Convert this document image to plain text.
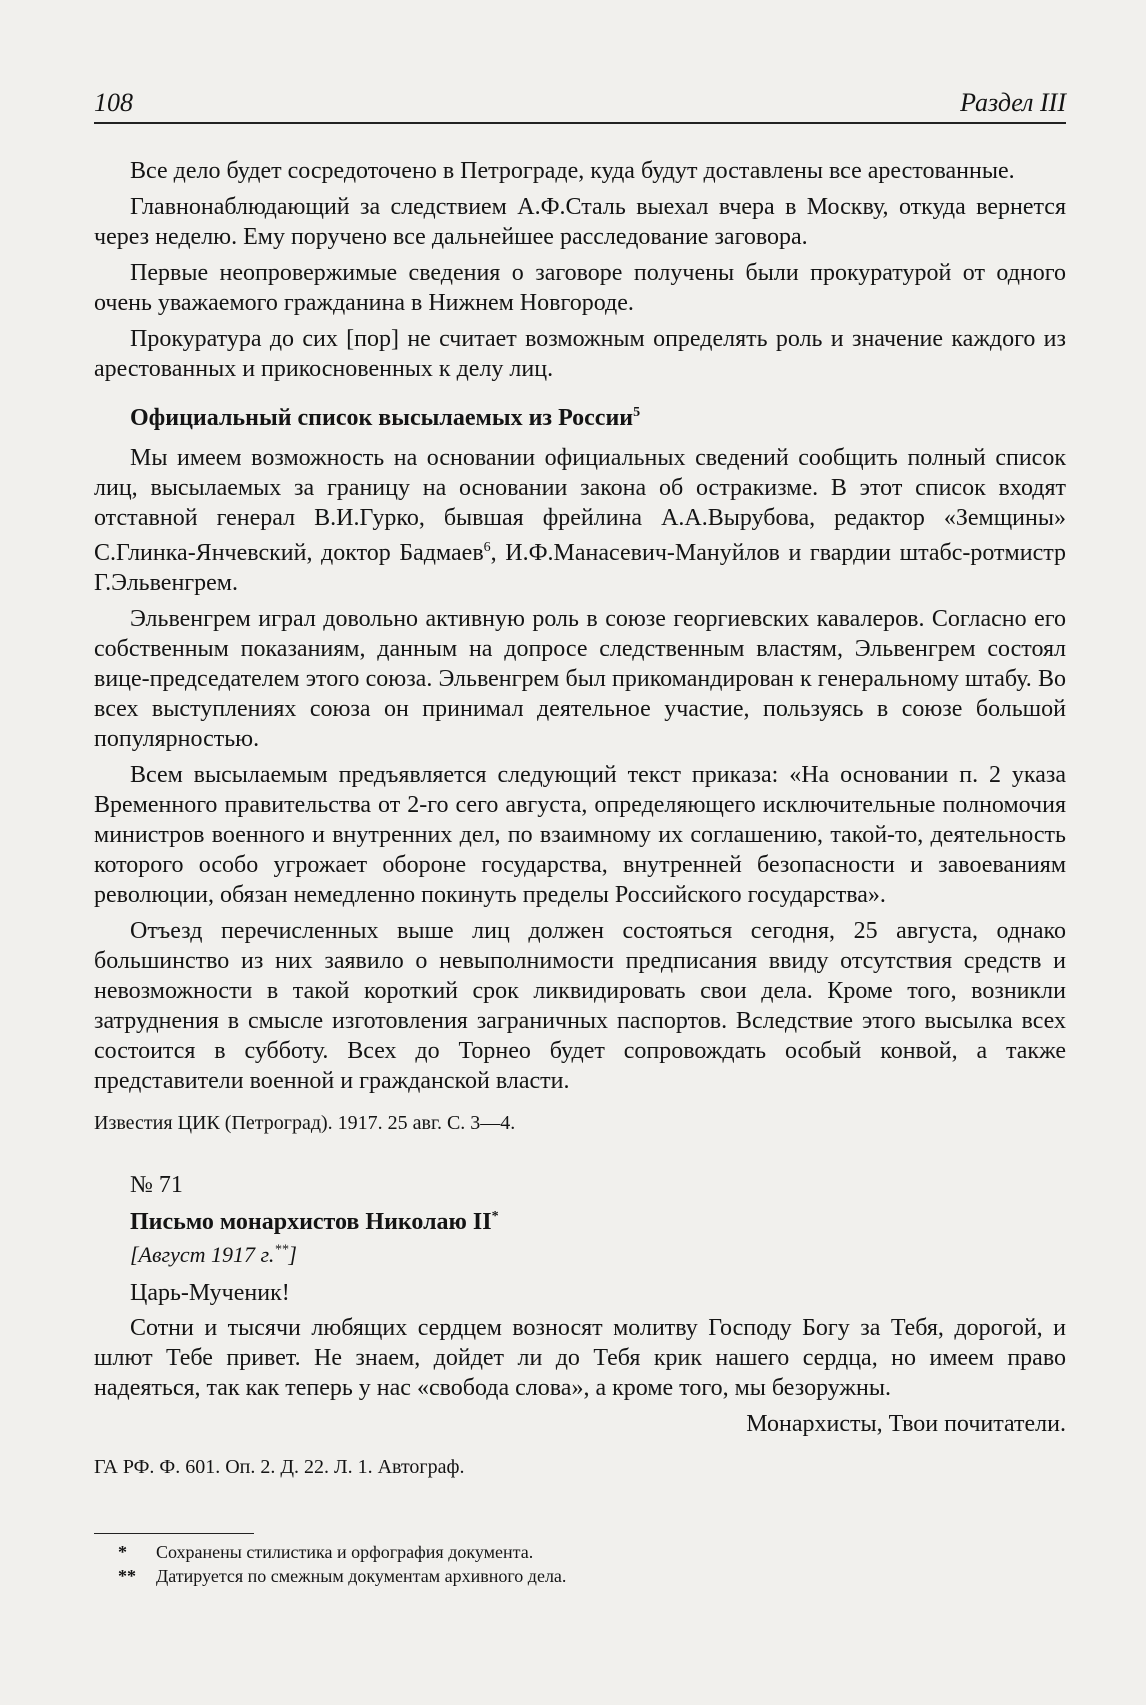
108	Раздел III

Все дело будет сосредоточено в Петрограде, куда будут доставлены все арестованные.

Главнонаблюдающий за следствием А.Ф.Сталь выехал вчера в Москву, откуда вернется через неделю. Ему поручено все дальнейшее расследование заговора.

Первые неопровержимые сведения о заговоре получены были прокуратурой от одного очень уважаемого гражданина в Нижнем Новгороде.

Прокуратура до сих [пор] не считает возможным определять роль и значение каждого из арестованных и прикосновенных к делу лиц.

Официальный список высылаемых из России$^5$

Мы имеем возможность на основании официальных сведений сообщить полный список лиц, высылаемых за границу на основании закона об остракизме. В этот список входят отставной генерал В.И.Гурко, бывшая фрейлина А.А.Вырубова, редактор «Земщины» С.Глинка-Янчевский, доктор Бадмаев$^6$, И.Ф.Манасевич-Мануйлов и гвардии штабс-ротмистр Г.Эльвенгрем.

Эльвенгрем играл довольно активную роль в союзе георгиевских кавалеров. Согласно его собственным показаниям, данным на допросе следственным властям, Эльвенгрем состоял вице-председателем этого союза. Эльвенгрем был прикомандирован к генеральному штабу. Во всех выступлениях союза он принимал деятельное участие, пользуясь в союзе большой популярностью.

Всем высылаемым предъявляется следующий текст приказа: «На основании п. 2 указа Временного правительства от 2-го сего августа, определяющего исключительные полномочия министров военного и внутренних дел, по взаимному их соглашению, такой-то, деятельность которого особо угрожает обороне государства, внутренней безопасности и завоеваниям революции, обязан немедленно покинуть пределы Российского государства».

Отъезд перечисленных выше лиц должен состояться сегодня, 25 августа, однако большинство из них заявило о невыполнимости предписания ввиду отсутствия средств и невозможности в такой короткий срок ликвидировать свои дела. Кроме того, возникли затруднения в смысле изготовления заграничных паспортов. Вследствие этого высылка всех состоится в субботу. Всех до Торнео будет сопровождать особый конвой, а также представители военной и гражданской власти.

Известия ЦИК (Петроград). 1917. 25 авг. С. 3—4.

№ 71
Письмо монархистов Николаю II*
[Август 1917 г.**]
Царь-Мученик!

Сотни и тысячи любящих сердцем возносят молитву Господу Богу за Тебя, дорогой, и шлют Тебе привет. Не знаем, дойдет ли до Тебя крик нашего сердца, но имеем право надеяться, так как теперь у нас «свобода слова», а кроме того, мы безоружны.

Монархисты, Твои почитатели.
ГА РФ. Ф. 601. Оп. 2. Д. 22. Л. 1. Автограф.
* Сохранены стилистика и орфография документа.
** Датируется по смежным документам архивного дела.
